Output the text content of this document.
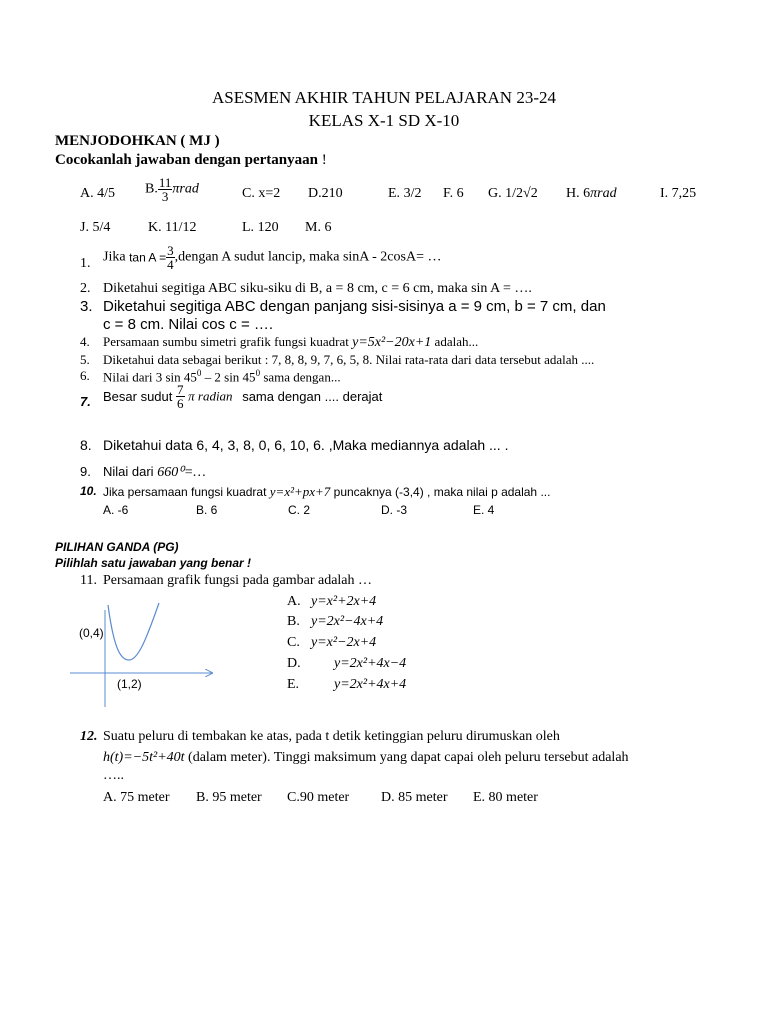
ASESMEN AKHIR TAHUN PELAJARAN 23-24
KELAS X-1 SD X-10
MENJODOHKAN ( MJ )
Cocokanlah jawaban dengan pertanyaan !
A. 4/5 B. $\frac{11}{3}$ πrad	C. x=2 D.210	E. 3/2 F. 6 G. 1/2√2 H. 6πrad	I. 7,25
J. 5/4	K. 11/12	L. 120 M. 6
1. Jika $\tan A = \frac{3}{4}$ ,dengan A sudut lancip, maka sinA - 2cosA= …
2. Diketahui segitiga ABC siku-siku di B, a = 8 cm, c = 6 cm, maka sin A = ….
3. Diketahui segitiga ABC dengan panjang sisi-sisinya a = 9 cm, b = 7 cm, dan
c = 8 cm. Nilai cos c = ….
4. Persamaan sumbu simetri grafik fungsi kuadrat y=5x²−20x+1 adalah...
5. Diketahui data sebagai berikut : 7, 8, 8, 9, 7, 6, 5, 8. Nilai rata-rata dari data tersebut adalah ....
6. Nilai dari 3 $\sin 45^0 - 2$ $\sin 45^0$ sama dengan...
7. Besar sudut $\frac{7}{6}$ π radian sama dengan .... derajat
8. Diketahui data 6, 4, 3, 8, 0, 6, 10, 6. ,Maka mediannya adalah ... .
9. Nilai dari 660⁰=…
10. Jika persamaan fungsi kuadrat y=x²+px+7 puncaknya (-3,4) , maka nilai p adalah ...
A. -6	B. 6	C. 2	D. -3	E. 4
PILIHAN GANDA (PG)
Pilihlah satu jawaban yang benar !
11. Persamaan grafik fungsi pada gambar adalah …
(0,4)
(1,2)
A. y=x²+2x+4
B. y=2x²−4x+4
C. y=x²−2x+4
D. y=2x²+4x−4
E. y=2x²+4x+4
12. Suatu peluru di tembakan ke atas, pada t detik ketinggian peluru dirumuskan oleh
h(t)=−5t²+40t (dalam meter). Tinggi maksimum yang dapat capai oleh peluru tersebut adalah
…..
A. 75 meter B. 95 meter C.90 meter D. 85 meter E. 80 meter
